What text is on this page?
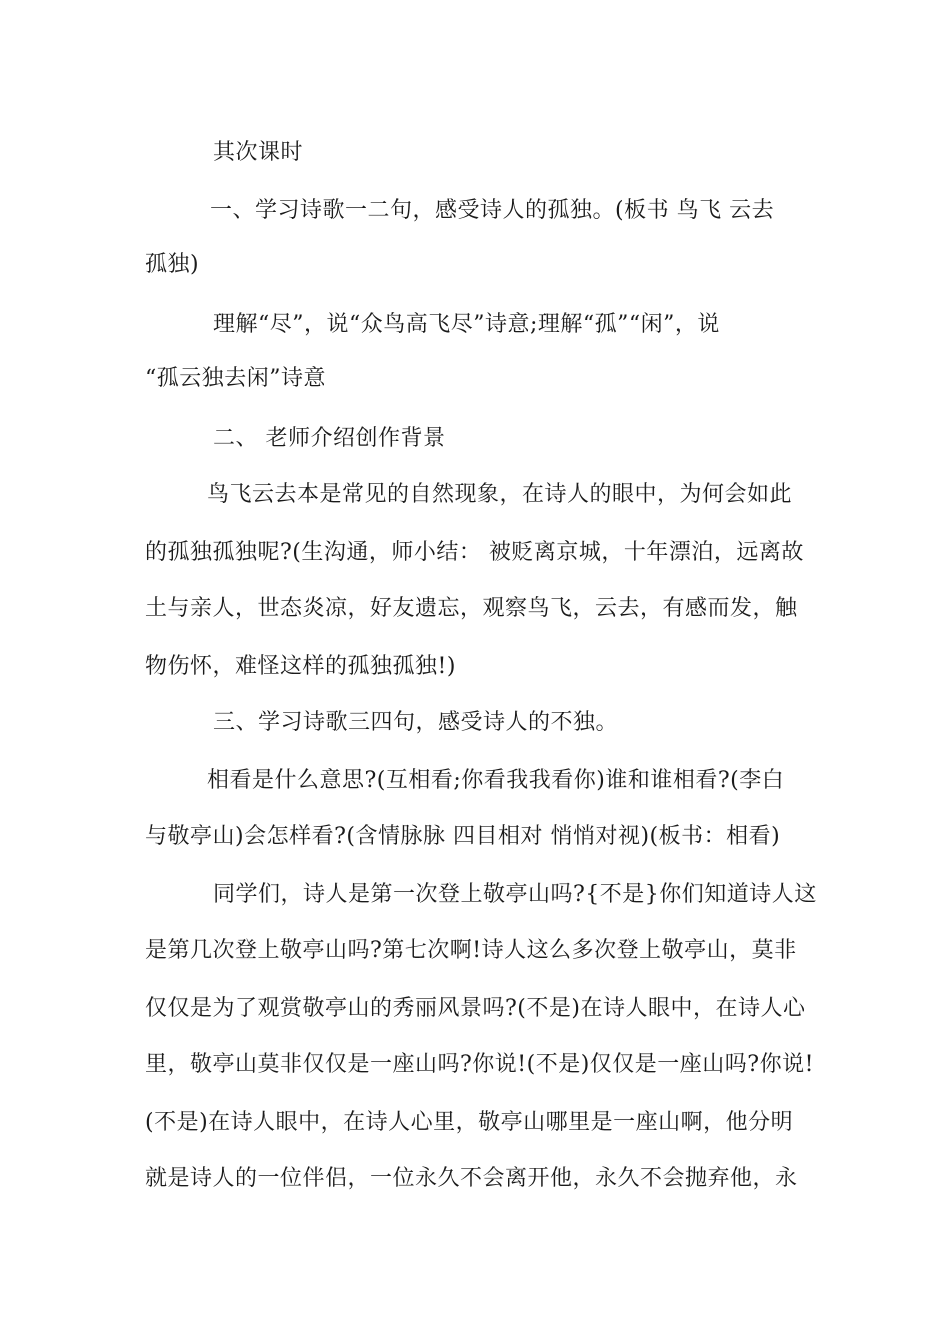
其次课时
一、学习诗歌一二句，感受诗人的孤独。(板书 鸟飞 云去
孤独)
理解“尽”，说“众鸟高飞尽”诗意;理解“孤”“闲”，说
“孤云独去闲”诗意
二、 老师介绍创作背景
鸟飞云去本是常见的自然现象，在诗人的眼中，为何会如此
的孤独孤独呢?(生沟通，师小结： 被贬离京城，十年漂泊，远离故
土与亲人，世态炎凉，好友遗忘，观察鸟飞，云去，有感而发，触
物伤怀，难怪这样的孤独孤独!)
三、学习诗歌三四句，感受诗人的不独。
相看是什么意思?(互相看;你看我我看你)谁和谁相看?(李白
与敬亭山)会怎样看?(含情脉脉 四目相对 悄悄对视)(板书：相看)
同学们，诗人是第一次登上敬亭山吗?{不是}你们知道诗人这
是第几次登上敬亭山吗?第七次啊!诗人这么多次登上敬亭山，莫非
仅仅是为了观赏敬亭山的秀丽风景吗?(不是)在诗人眼中，在诗人心
里，敬亭山莫非仅仅是一座山吗?你说!(不是)仅仅是一座山吗?你说!
(不是)在诗人眼中，在诗人心里，敬亭山哪里是一座山啊，他分明
就是诗人的一位伴侣，一位永久不会离开他，永久不会抛弃他，永
